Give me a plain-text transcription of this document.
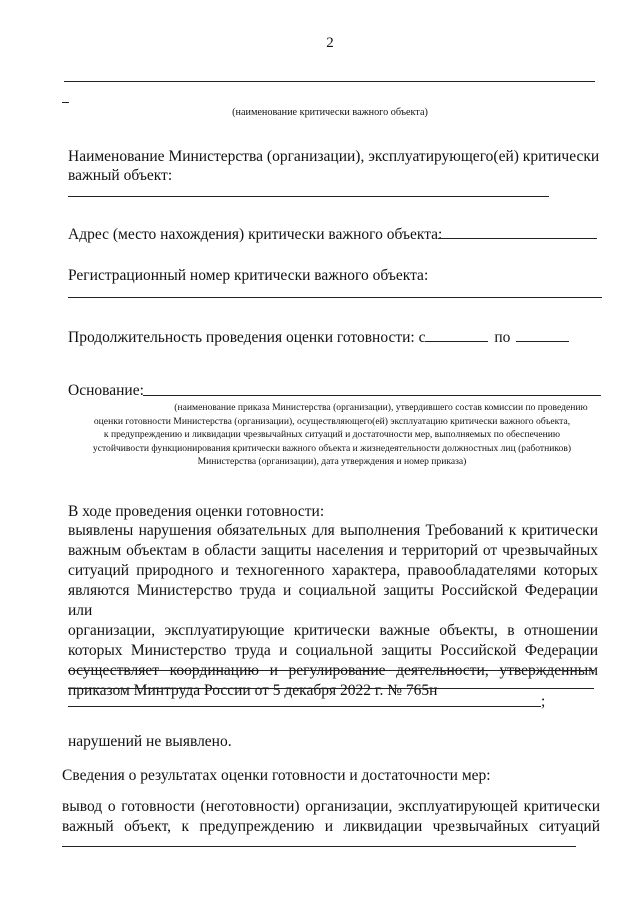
2
(наименование критически важного объекта)
Наименование Министерства (организации), эксплуатирующего(ей) критически
важный объект:
Адрес (место нахождения) критически важного объекта:
Регистрационный номер критически важного объекта:
Продолжительность проведения оценки готовности: с	по
Основание:
(наименование приказа Министерства (организации), утвердившего состав комиссии по проведению
оценки готовности Министерства (организации), осуществляющего(ей) эксплуатацию критически важного объекта,
к предупреждению и ликвидации чрезвычайных ситуаций и достаточности мер, выполняемых по обеспечению
устойчивости функционирования критически важного объекта и жизнедеятельности должностных лиц (работников)
Министерства (организации), дата утверждения и номер приказа)
В ходе проведения оценки готовности:
выявлены нарушения обязательных для выполнения Требований к критически
важным объектам в области защиты населения и территорий от чрезвычайных
ситуаций природного и техногенного характера, правообладателями которых
являются Министерство труда и социальной защиты Российской Федерации или
организации, эксплуатирующие критически важные объекты, в отношении
которых Министерство труда и социальной защиты Российской Федерации
осуществляет координацию и регулирование деятельности, утвержденным
приказом Минтруда России от 5 декабря 2022 г. № 765н
;
нарушений не выявлено.
Сведения о результатах оценки готовности и достаточности мер:
вывод о готовности (неготовности) организации, эксплуатирующей критически
важный объект, к предупреждению и ликвидации чрезвычайных ситуаций
